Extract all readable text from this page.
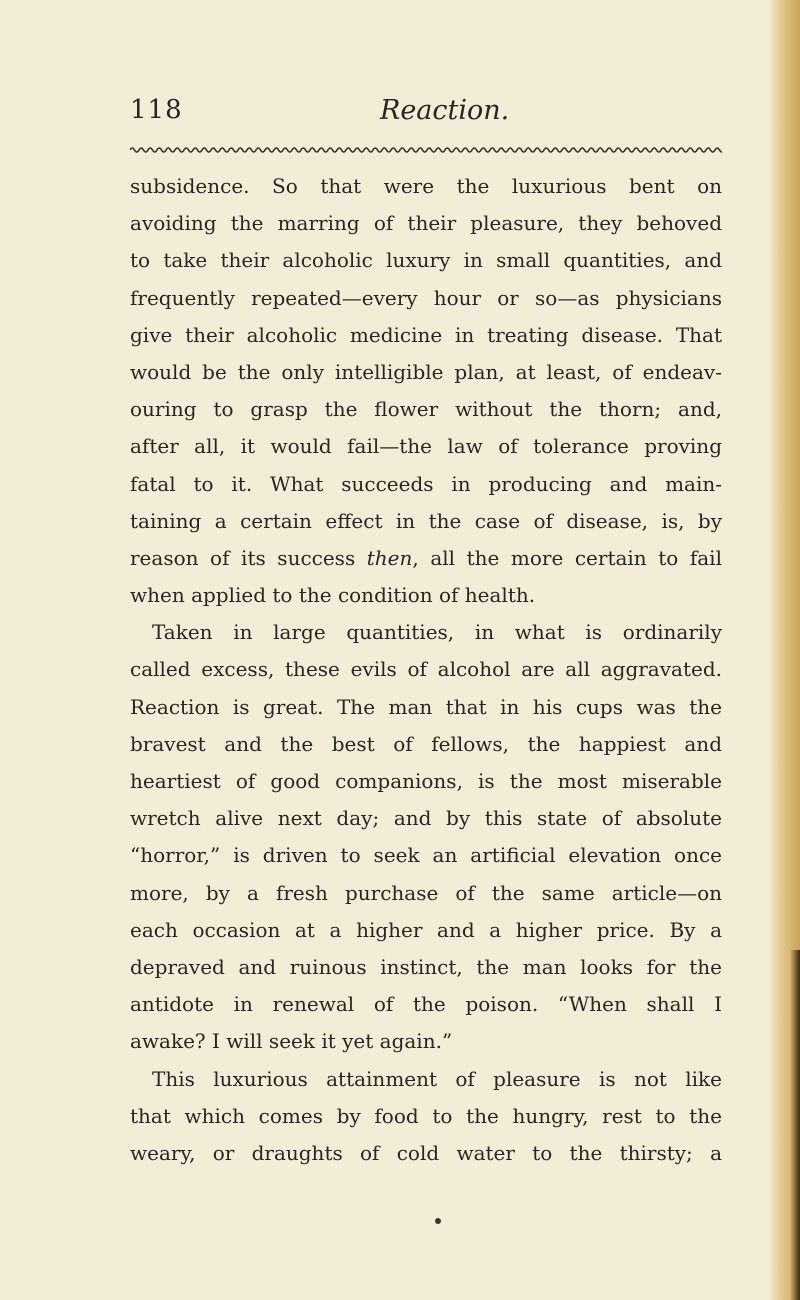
118	Reaction.
subsidence. So that were the luxurious bent on
avoiding the marring of their pleasure, they behoved
to take their alcoholic luxury in small quantities, and
frequently repeated—every hour or so—as physicians
give their alcoholic medicine in treating disease. That
would be the only intelligible plan, at least, of endeav-
ouring to grasp the flower without the thorn; and,
after all, it would fail—the law of tolerance proving
fatal to it. What succeeds in producing and main-
taining a certain effect in the case of disease, is, by
reason of its success then, all the more certain to fail
when applied to the condition of health.
Taken in large quantities, in what is ordinarily
called excess, these evils of alcohol are all aggravated.
Reaction is great. The man that in his cups was the
bravest and the best of fellows, the happiest and
heartiest of good companions, is the most miserable
wretch alive next day; and by this state of absolute
“horror,” is driven to seek an artificial elevation once
more, by a fresh purchase of the same article—on
each occasion at a higher and a higher price. By a
depraved and ruinous instinct, the man looks for the
antidote in renewal of the poison. “When shall I
awake? I will seek it yet again.”
This luxurious attainment of pleasure is not like
that which comes by food to the hungry, rest to the
weary, or draughts of cold water to the thirsty; a
